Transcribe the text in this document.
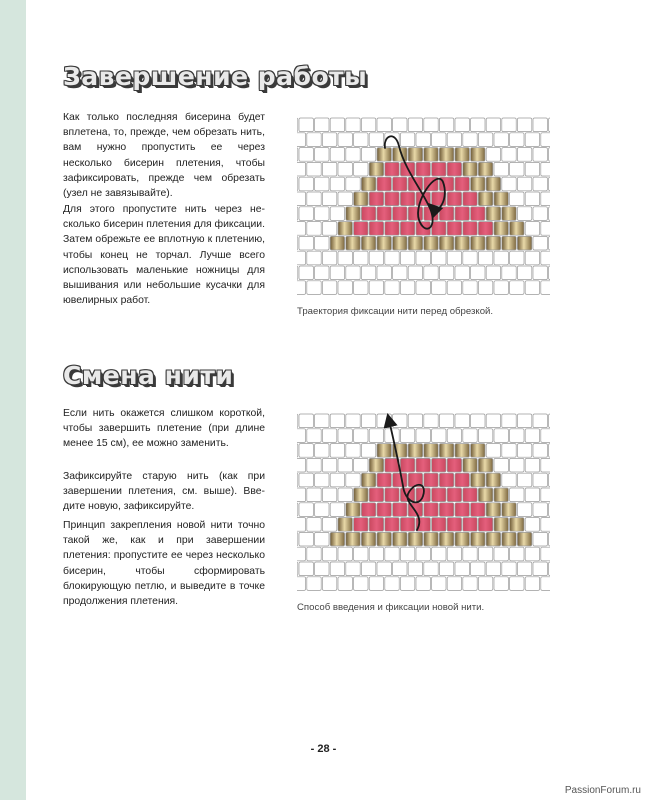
Завершение работы

Как только последняя бисерина будет вплетена, то, прежде, чем обрезать нить, вам нужно пропустить ее через несколько бисерин плетения, чтобы зафиксировать, прежде чем обрезать (узел не завязывайте).

Для этого пропустите нить через несколько бисерин плетения для фиксации. Затем обрежьте ее вплотную к плетению, чтобы конец не торчал. Лучше всего использовать маленькие ножницы для вышивания или небольшие кусачки для ювелирных работ.

Траектория фиксации нити перед обрезкой.

Смена нити

Если нить окажется слишком короткой, чтобы завершить плетение (при длине менее 15 см), ее можно заменить.

Зафиксируйте старую нить (как при завершении плетения, см. выше). Введите новую, зафиксируйте.

Принцип закрепления новой нити точно такой же, как и при завершении плетения: пропустите ее через несколько бисерин, чтобы сформировать блокирующую петлю, и выведите в точке продолжения плетения.

Способ введения и фиксации новой нити.

- 28 -
PassionForum.ru
